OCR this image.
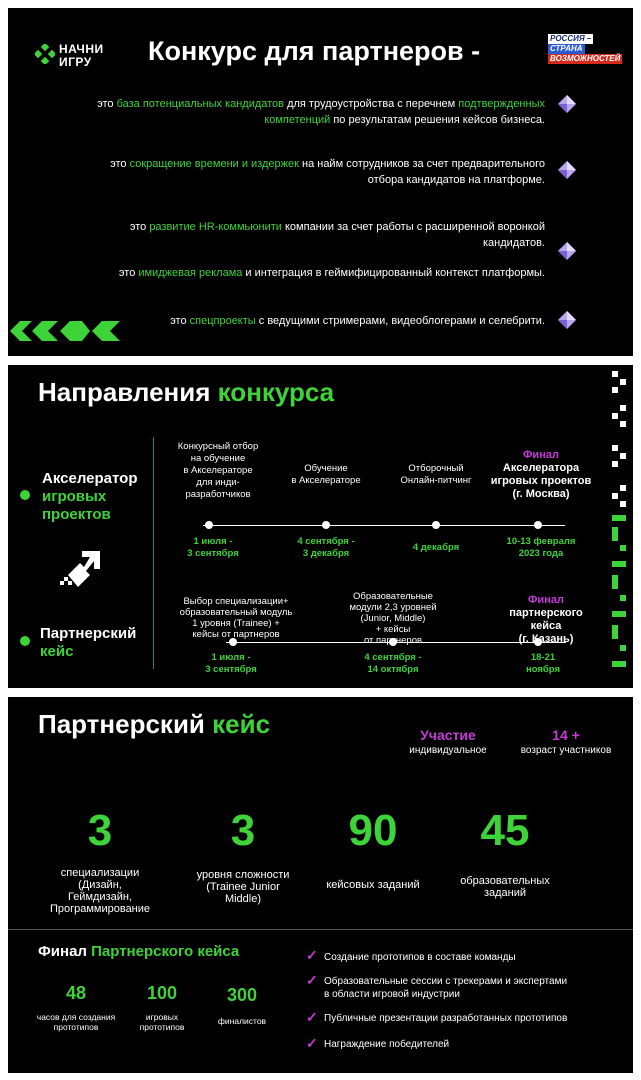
НАЧНИ
ИГРУ Конкурс для партнеров -	РОССИЯ –
СТРАНА
ВОЗМОЖНОСТЕЙ
это база потенциальных кандидатов для трудоустройства с перечнем подтвержденных
компетенций по результатам решения кейсов бизнеса.
это сокращение времени и издержек на найм сотрудников за счет предварительного
отбора кандидатов на платформе.
это развитие HR-коммьюнити компании за счет работы с расширенной воронкой
кандидатов.
это имиджевая реклама и интеграция в геймифицированный контекст платформы.
это спецпроекты с ведущими стримерами, видеоблогерами и селебрити.
Направления конкурса
Акселератор
игровых
проектов
Партнерский
кейс
Конкурсный отбор
на обучение
в Акселераторе
для инди-
разработчиков
Обучение
в Акселераторе
Отборочный
Онлайн-питчинг
Финал
Акселератора
игровых проектов
(г. Москва)
1 июля -
3 сентября
4 сентября -
3 декабря
4 декабря
10-13 февраля
2023 года
Выбор специализации+
образовательный модуль
1 уровня (Trainee) +
кейсы от партнеров
Образовательные
модули 2,3 уровней
(Junior, Middle)
+ кейсы
от партнеров
Финал
партнерского
кейса
(г. Казань)
1 июля -
3 сентября
4 сентября -
14 октября
18-21
ноября
Партнерский кейс	Участие
индивидуальное
14 +
возраст участников
3
специализации
(Дизайн,
Геймдизайн,
Программирование
3
уровня сложности
(Trainee Junior
Middle)
90
кейсовых заданий
45
образовательных
заданий
Финал Партнерского кейса
48
часов для создания
прототипов
100
игровых
прототипов
300
финалистов
✓ Создание прототипов в составе команды
✓ Образовательные сессии с трекерами и экспертами
в области игровой индустрии
✓ Публичные презентации разработанных прототипов
✓ Награждение победителей
